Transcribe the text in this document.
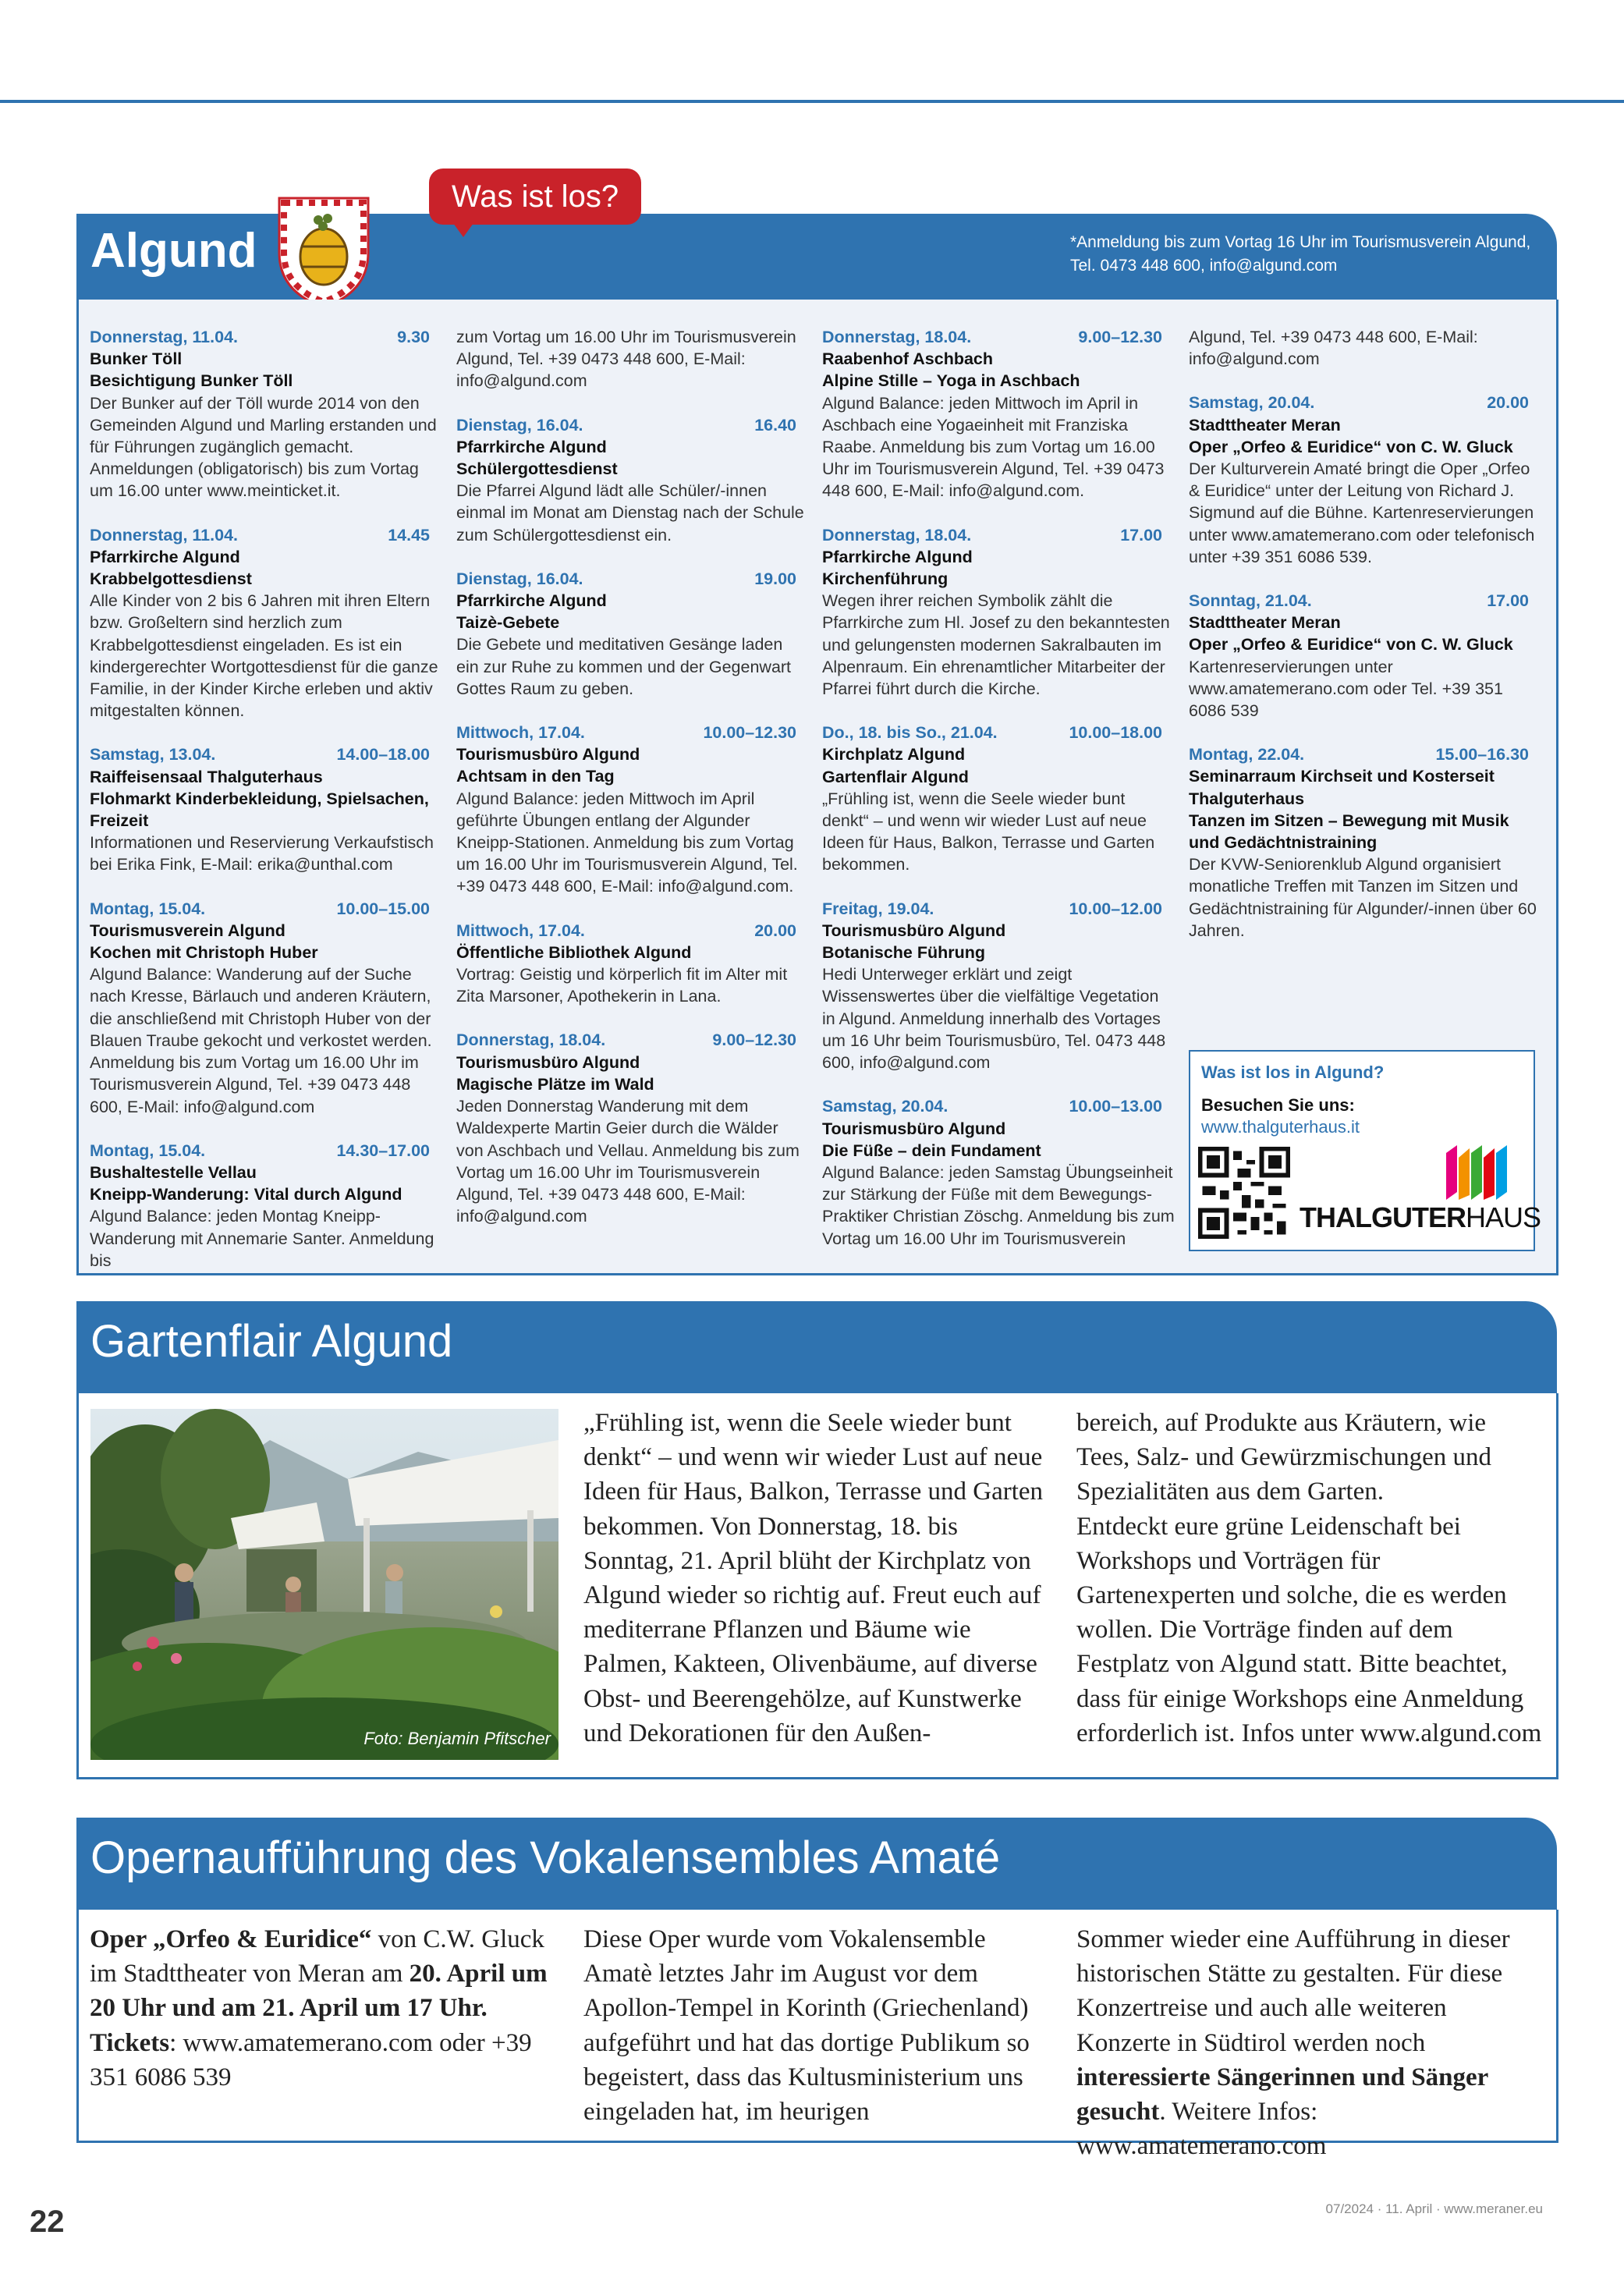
Algund
Was ist los?
*Anmeldung bis zum Vortag 16 Uhr im Tourismusverein Algund, Tel. 0473 448 600, info@algund.com
Donnerstag, 11.04.	9.30
Bunker Töll
Besichtigung Bunker Töll
Der Bunker auf der Töll wurde 2014 von den Gemeinden Algund und Marling erstanden und für Führungen zugänglich gemacht. Anmeldungen (obligatorisch) bis zum Vortag um 16.00 unter www.meinticket.it.
Donnerstag, 11.04.	14.45
Pfarrkirche Algund
Krabbelgottesdienst
Alle Kinder von 2 bis 6 Jahren mit ihren Eltern bzw. Großeltern sind herzlich zum Krabbelgottesdienst eingeladen. Es ist ein kindergerechter Wortgottesdienst für die ganze Familie, in der Kinder Kirche erleben und aktiv mitgestalten können.
Samstag, 13.04.	14.00–18.00
Raiffeisensaal Thalguterhaus
Flohmarkt Kinderbekleidung, Spielsachen, Freizeit
Informationen und Reservierung Verkaufstisch bei Erika Fink, E-Mail: erika@unthal.com
Montag, 15.04.	10.00–15.00
Tourismusverein Algund
Kochen mit Christoph Huber
Algund Balance: Wanderung auf der Suche nach Kresse, Bärlauch und anderen Kräutern, die anschließend mit Christoph Huber von der Blauen Traube gekocht und verkostet werden. Anmeldung bis zum Vortag um 16.00 Uhr im Tourismusverein Algund, Tel. +39 0473 448 600, E-Mail: info@algund.com
Montag, 15.04.	14.30–17.00
Bushaltestelle Vellau
Kneipp-Wanderung: Vital durch Algund
Algund Balance: jeden Montag Kneipp-Wanderung mit Annemarie Santer. Anmeldung bis
zum Vortag um 16.00 Uhr im Tourismusverein Algund, Tel. +39 0473 448 600, E-Mail: info@algund.com
Dienstag, 16.04.	16.40
Pfarrkirche Algund
Schülergottesdienst
Die Pfarrei Algund lädt alle Schüler/-innen einmal im Monat am Dienstag nach der Schule zum Schülergottesdienst ein.
Dienstag, 16.04.	19.00
Pfarrkirche Algund
Taizè-Gebete
Die Gebete und meditativen Gesänge laden ein zur Ruhe zu kommen und der Gegenwart Gottes Raum zu geben.
Mittwoch, 17.04.	10.00–12.30
Tourismusbüro Algund
Achtsam in den Tag
Algund Balance: jeden Mittwoch im April geführte Übungen entlang der Algunder Kneipp-Stationen. Anmeldung bis zum Vortag um 16.00 Uhr im Tourismusverein Algund, Tel. +39 0473 448 600, E-Mail: info@algund.com.
Mittwoch, 17.04.	20.00
Öffentliche Bibliothek Algund
Vortrag: Geistig und körperlich fit im Alter mit Zita Marsoner, Apothekerin in Lana.
Donnerstag, 18.04.	9.00–12.30
Tourismusbüro Algund
Magische Plätze im Wald
Jeden Donnerstag Wanderung mit dem Waldexperte Martin Geier durch die Wälder von Aschbach und Vellau. Anmeldung bis zum Vortag um 16.00 Uhr im Tourismusverein Algund, Tel. +39 0473 448 600, E-Mail: info@algund.com
Donnerstag, 18.04.	9.00–12.30
Raabenhof Aschbach
Alpine Stille – Yoga in Aschbach
Algund Balance: jeden Mittwoch im April in Aschbach eine Yogaeinheit mit Franziska Raabe. Anmeldung bis zum Vortag um 16.00 Uhr im Tourismusverein Algund, Tel. +39 0473 448 600, E-Mail: info@algund.com.
Donnerstag, 18.04.	17.00
Pfarrkirche Algund
Kirchenführung
Wegen ihrer reichen Symbolik zählt die Pfarrkirche zum Hl. Josef zu den bekanntesten und gelungensten modernen Sakralbauten im Alpenraum. Ein ehrenamtlicher Mitarbeiter der Pfarrei führt durch die Kirche.
Do., 18. bis So., 21.04.	10.00–18.00
Kirchplatz Algund
Gartenflair Algund
„Frühling ist, wenn die Seele wieder bunt denkt“ – und wenn wir wieder Lust auf neue Ideen für Haus, Balkon, Terrasse und Garten bekommen.
Freitag, 19.04.	10.00–12.00
Tourismusbüro Algund
Botanische Führung
Hedi Unterweger erklärt und zeigt Wissenswertes über die vielfältige Vegetation in Algund. Anmeldung innerhalb des Vortages um 16 Uhr beim Tourismusbüro, Tel. 0473 448 600, info@algund.com
Samstag, 20.04.	10.00–13.00
Tourismusbüro Algund
Die Füße – dein Fundament
Algund Balance: jeden Samstag Übungseinheit zur Stärkung der Füße mit dem Bewegungs-Praktiker Christian Zöschg. Anmeldung bis zum Vortag um 16.00 Uhr im Tourismusverein
Algund, Tel. +39 0473 448 600, E-Mail: info@algund.com
Samstag, 20.04.	20.00
Stadttheater Meran
Oper „Orfeo & Euridice“ von C. W. Gluck
Der Kulturverein Amaté bringt die Oper „Orfeo & Euridice“ unter der Leitung von Richard J. Sigmund auf die Bühne. Kartenreservierungen unter www.amatemerano.com oder telefonisch unter +39 351 6086 539.
Sonntag, 21.04.	17.00
Stadttheater Meran
Oper „Orfeo & Euridice“ von C. W. Gluck
Kartenreservierungen unter www.amatemerano.com oder Tel. +39 351 6086 539
Montag, 22.04.	15.00–16.30
Seminarraum Kirchseit und Kosterseit Thalguterhaus
Tanzen im Sitzen – Bewegung mit Musik und Gedächtnistraining
Der KVW-Seniorenklub Algund organisiert monatliche Treffen mit Tanzen im Sitzen und Gedächtnistraining für Algunder/-innen über 60 Jahren.
Was ist los in Algund?
Besuchen Sie uns:
www.thalguterhaus.it
THALGUTERHAUS
Gartenflair Algund
Foto: Benjamin Pfitscher
„Frühling ist, wenn die Seele wieder bunt denkt“ – und wenn wir wieder Lust auf neue Ideen für Haus, Balkon, Terrasse und Garten bekommen. Von Donnerstag, 18. bis Sonntag, 21. April blüht der Kirchplatz von Algund wieder so richtig auf. Freut euch auf mediterrane Pflanzen und Bäume wie Palmen, Kakteen, Olivenbäume, auf diverse Obst- und Beerengehölze, auf Kunstwerke und Dekorationen für den Außen-
bereich, auf Produkte aus Kräutern, wie Tees, Salz- und Gewürzmischungen und Spezialitäten aus dem Garten.
Entdeckt eure grüne Leidenschaft bei Workshops und Vorträgen für Gartenexperten und solche, die es werden wollen. Die Vorträge finden auf dem Festplatz von Algund statt. Bitte beachtet, dass für einige Workshops eine Anmeldung erforderlich ist. Infos unter www.algund.com
Opernaufführung des Vokalensembles Amaté
Oper „Orfeo & Euridice“ von C.W. Gluck im Stadttheater von Meran am 20. April um 20 Uhr und am 21. April um 17 Uhr.
Tickets: www.amatemerano.com oder +39 351 6086 539
Diese Oper wurde vom Vokalensemble Amatè letztes Jahr im August vor dem Apollon-Tempel in Korinth (Griechenland) aufgeführt und hat das dortige Publikum so begeistert, dass das Kultusministerium uns eingeladen hat, im heurigen
Sommer wieder eine Aufführung in dieser historischen Stätte zu gestalten. Für diese Konzertreise und auch alle weiteren Konzerte in Südtirol werden noch interessierte Sängerinnen und Sänger gesucht. Weitere Infos: www.amatemerano.com
22	07/2024 · 11. April · www.meraner.eu
